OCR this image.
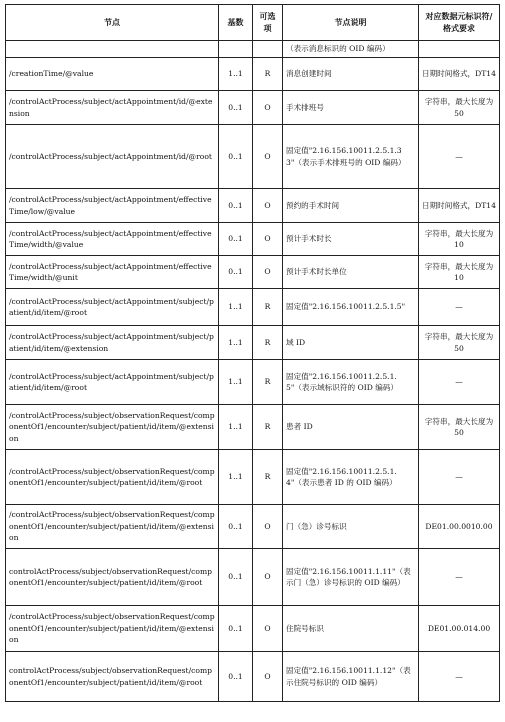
节点	基数	可选项	节点说明	对应数据元标识符/格式要求
			（表示消息标识的 OID 编码）	
/creationTime/@value	1..1	R	消息创建时间	日期时间格式，DT14
/controlActProcess/subject/actAppointment/id/@extension	0..1	O	手术排班号	字符串，最大长度为 50
/controlActProcess/subject/actAppointment/id/@root	0..1	O	固定值"2.16.156.10011.2.5.1.33"（表示手术排班号的 OID 编码）	—
/controlActProcess/subject/actAppointment/effectiveTime/low/@value	0..1	O	预约的手术时间	日期时间格式，DT14
/controlActProcess/subject/actAppointment/effectiveTime/width/@value	0..1	O	预计手术时长	字符串，最大长度为 10
/controlActProcess/subject/actAppointment/effectiveTime/width/@unit	0..1	O	预计手术时长单位	字符串，最大长度为 10
/controlActProcess/subject/actAppointment/subject/patient/id/item/@root	1..1	R	固定值"2.16.156.10011.2.5.1.5"	—
/controlActProcess/subject/actAppointment/subject/patient/id/item/@extension	1..1	R	域 ID	字符串，最大长度为 50
/controlActProcess/subject/actAppointment/subject/patient/id/item/@root	1..1	R	固定值"2.16.156.10011.2.5.1.5"（表示域标识符的 OID 编码）	—
/controlActProcess/subject/observationRequest/componentOf1/encounter/subject/patient/id/item/@extension	1..1	R	患者 ID	字符串，最大长度为 50
/controlActProcess/subject/observationRequest/componentOf1/encounter/subject/patient/id/item/@root	1..1	R	固定值"2.16.156.10011.2.5.1.4"（表示患者 ID 的 OID 编码）	—
/controlActProcess/subject/observationRequest/componentOf1/encounter/subject/patient/id/item/@extension	0..1	O	门（急）诊号标识	DE01.00.0010.00
controlActProcess/subject/observationRequest/componentOf1/encounter/subject/patient/id/item/@root	0..1	O	固定值"2.16.156.10011.1.11"（表示门（急）诊号标识的 OID 编码）	—
/controlActProcess/subject/observationRequest/componentOf1/encounter/subject/patient/id/item/@extension	0..1	O	住院号标识	DE01.00.014.00
controlActProcess/subject/observationRequest/componentOf1/encounter/subject/patient/id/item/@root	0..1	O	固定值"2.16.156.10011.1.12"（表示住院号标识的 OID 编码）	—
